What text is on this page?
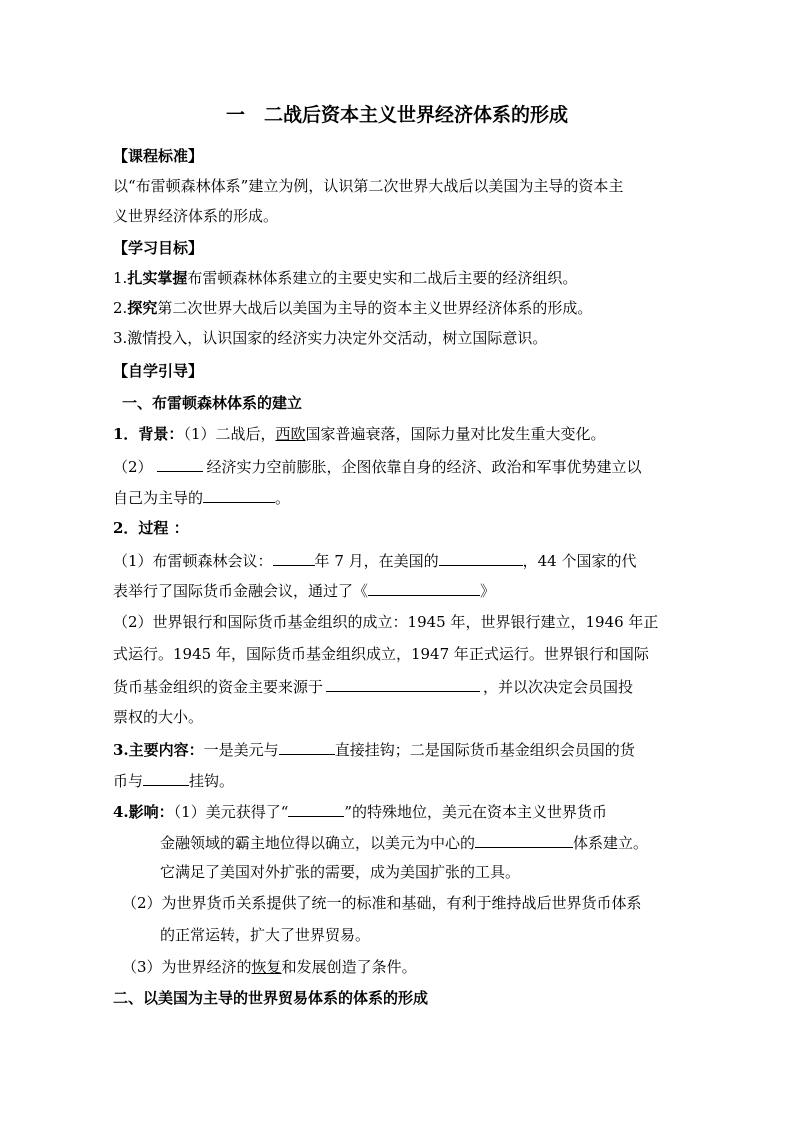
一　二战后资本主义世界经济体系的形成
【课程标准】
以“布雷顿森林体系”建立为例，认识第二次世界大战后以美国为主导的资本主
义世界经济体系的形成。
【学习目标】
1.扎实掌握布雷顿森林体系建立的主要史实和二战后主要的经济组织。
2.探究第二次世界大战后以美国为主导的资本主义世界经济体系的形成。
3.激情投入，认识国家的经济实力决定外交活动，树立国际意识。
【自学引导】
一、布雷顿森林体系的建立
1．背景：（1）二战后，西欧国家普遍衰落，国际力量对比发生重大变化。
（2）	经济实力空前膨胀，企图依靠自身的经济、政治和军事优势建立以
自己为主导的	。
2．过程 ：
（1）布雷顿森林会议：	年 7 月，在美国的	，44 个国家的代
表举行了国际货币金融会议，通过了《	》
（2）世界银行和国际货币基金组织的成立：1945 年，世界银行建立，1946 年正
式运行。1945 年，国际货币基金组织成立，1947 年正式运行。世界银行和国际
货币基金组织的资金主要来源于	，并以次决定会员国投
票权的大小。
3.主要内容：一是美元与	直接挂钩；二是国际货币基金组织会员国的货
币与	挂钩。
4.影响：（1）美元获得了“	”的特殊地位，美元在资本主义世界货币
金融领域的霸主地位得以确立，以美元为中心的	体系建立。
它满足了美国对外扩张的需要，成为美国扩张的工具。
（2）为世界货币关系提供了统一的标准和基础，有利于维持战后世界货币体系
的正常运转，扩大了世界贸易。
（3）为世界经济的恢复和发展创造了条件。
二、以美国为主导的世界贸易体系的体系的形成
